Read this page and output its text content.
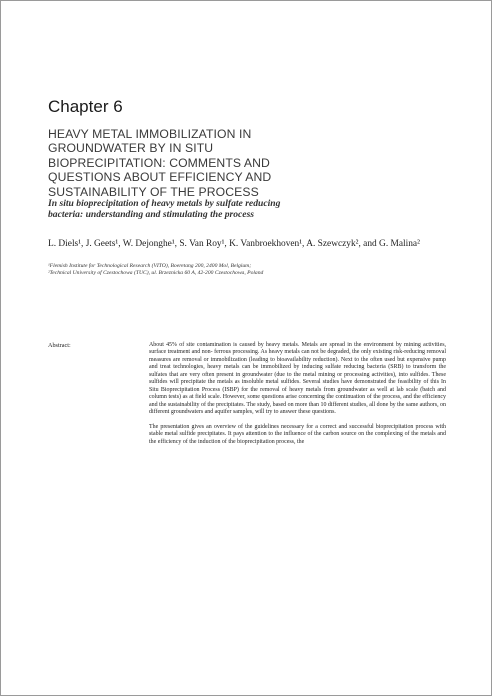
Chapter 6
HEAVY METAL IMMOBILIZATION IN GROUNDWATER BY IN SITU BIOPRECIPITATION: COMMENTS AND QUESTIONS ABOUT EFFICIENCY AND SUSTAINABILITY OF THE PROCESS
In situ bioprecipitation of heavy metals by sulfate reducing bacteria: understanding and stimulating the process
L. Diels¹, J. Geets¹, W. Dejonghe¹, S. Van Roy¹, K. Vanbroekhoven¹, A. Szewczyk², and G. Malina²
¹Flemish Institute for Technological Research (VITO), Boeretang 200, 2400 Mol, Belgium;
²Technical University of Czestochowa (TUC), ul. Brzeznicka 60 A, 42-200 Czestochowa, Poland
Abstract:	About 45% of site contamination is caused by heavy metals. Metals are spread in the environment by mining activities, surface treatment and non- ferrous processing. As heavy metals can not be degraded, the only existing risk-reducing removal measures are removal or immobilization (leading to bioavailability reduction). Next to the often used but expensive pump and treat technologies, heavy metals can be immobilized by inducing sulfate reducing bacteria (SRB) to transform the sulfates that are very often present in groundwater (due to the metal mining or processing activities), into sulfides. These sulfides will precipitate the metals as insoluble metal sulfides. Several studies have demonstrated the feasibility of this In Situ Bioprecipitation Process (ISBP) for the removal of heavy metals from groundwater as well at lab scale (batch and column tests) as at field scale. However, some questions arise concerning the continuation of the process, and the efficiency and the sustainability of the precipitates. The study, based on more than 10 different studies, all done by the same authors, on different groundwaters and aquifer samples, will try to answer these questions.

The presentation gives an overview of the guidelines necessary for a correct and successful bioprecipitation process with stable metal sulfide precipitates. It pays attention to the influence of the carbon source on the complexing of the metals and the efficiency of the induction of the bioprecipitation process, the
